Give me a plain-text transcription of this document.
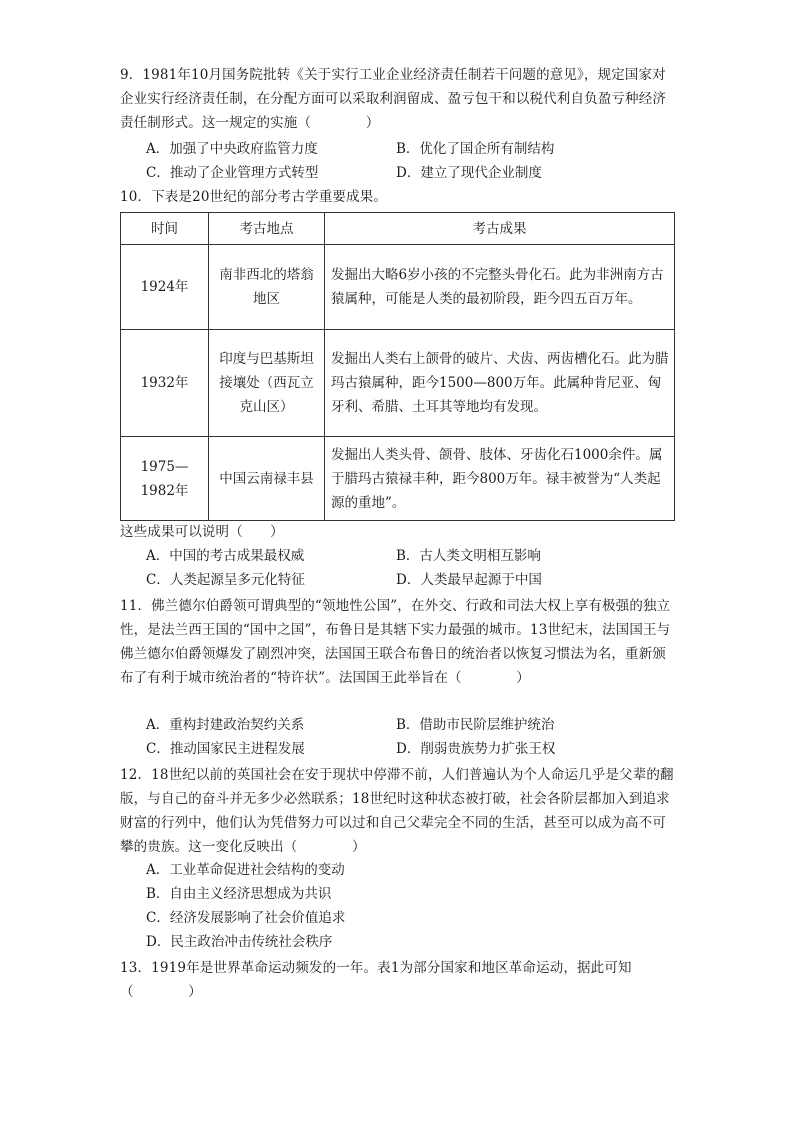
9．1981年10月国务院批转《关于实行工业企业经济责任制若干问题的意见》，规定国家对企业实行经济责任制，在分配方面可以采取利润留成、盈亏包干和以税代利自负盈亏种经济责任制形式。这一规定的实施（　　　　）
A．加强了中央政府监管力度	B．优化了国企所有制结构
C．推动了企业管理方式转型	D．建立了现代企业制度
10．下表是20世纪的部分考古学重要成果。
时间	考古地点	考古成果
1924年	南非西北的塔翁地区	发掘出大略6岁小孩的不完整头骨化石。此为非洲南方古猿属种，可能是人类的最初阶段，距今四五百万年。
1932年	印度与巴基斯坦接壤处（西瓦立克山区）	发掘出人类右上颌骨的破片、犬齿、两齿槽化石。此为腊玛古猿属种，距今1500—800万年。此属种肯尼亚、匈牙利、希腊、土耳其等地均有发现。
1975—1982年	中国云南禄丰县	发掘出人类头骨、颌骨、肢体、牙齿化石1000余件。属于腊玛古猿禄丰种，距今800万年。禄丰被誉为“人类起源的重地”。
这些成果可以说明（　　）
A．中国的考古成果最权威	B．古人类文明相互影响
C．人类起源呈多元化特征	D．人类最早起源于中国
11．佛兰德尔伯爵领可谓典型的“领地性公国”，在外交、行政和司法大权上享有极强的独立性，是法兰西王国的“国中之国”，布鲁日是其辖下实力最强的城市。13世纪末，法国国王与佛兰德尔伯爵领爆发了剧烈冲突，法国国王联合布鲁日的统治者以恢复习惯法为名，重新颁布了有利于城市统治者的“特许状”。法国国王此举旨在（　　　　）
A．重构封建政治契约关系	B．借助市民阶层维护统治
C．推动国家民主进程发展	D．削弱贵族势力扩张王权
12．18世纪以前的英国社会在安于现状中停滞不前，人们普遍认为个人命运几乎是父辈的翻版，与自己的奋斗并无多少必然联系；18世纪时这种状态被打破，社会各阶层都加入到追求财富的行列中，他们认为凭借努力可以过和自己父辈完全不同的生活，甚至可以成为高不可攀的贵族。这一变化反映出（　　　　）
A．工业革命促进社会结构的变动
B．自由主义经济思想成为共识
C．经济发展影响了社会价值追求
D．民主政治冲击传统社会秩序
13．1919年是世界革命运动频发的一年。表1为部分国家和地区革命运动，据此可知（　　　　）
